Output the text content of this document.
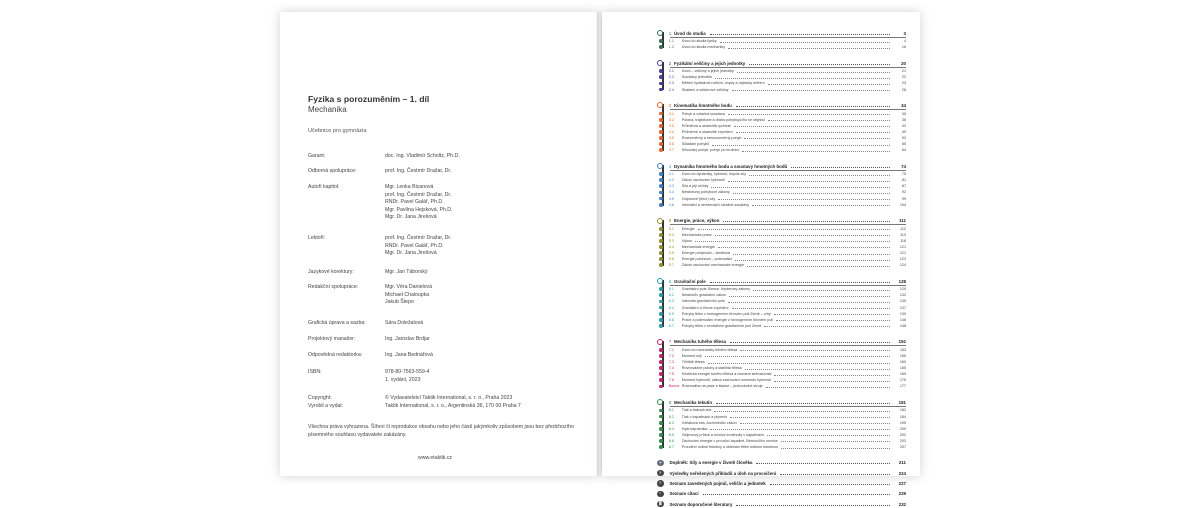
Fyzika s porozuměním – 1. díl
Mechanika
Učebnice pro gymnázia
Garant:	doc. Ing. Vladimír Scholtz, Ph.D.
Odborná spolupráce:	prof. Ing. Čestmír Dražar, Dr.
Autoři kapitol:	Mgr. Lenka Bicanová
prof. Ing. Čestmír Dražar, Dr.
RNDr. Pavel Galář, Ph.D.
Mgr. Pavlína Hejsková, Ph.D.
Mgr. Dr. Jana Jirešová
Lektoři:	prof. Ing. Čestmír Dražar, Dr.
RNDr. Pavel Galář, Ph.D.
Mgr. Dr. Jana Jirešová
Jazykové korektury:	Mgr. Jan Táborský
Redakční spolupráce:	Mgr. Věra Danielová
Michael Chaloupka
Jakub Štepo
Grafická úprava a sazba:	Sára Doležalová
Projektový manažer:	Ing. Jaroslav Brdjar
Odpovědná redaktorka:	Ing. Jana Bednářová
ISBN:	978-80-7563-559-4
1. vydání, 2023
Copyright:	© Vydavatelství Taktik International, s. r. o., Praha 2023
Vyrobil a vydal:	Taktik International, s. r. o., Argentinská 36, 170 00 Praha 7
Všechna práva vyhrazena. Šíření či reprodukce obsahu nebo jeho částí jakýmkoliv způsobem jsou bez předchozího písemného souhlasu vydavatele zakázány.
www.etaktik.cz
1 Úvod do studia	3
1.1	Úvod do studia fyziky	4
1.2	Úvod do studia mechaniky	16
2 Fyzikální veličiny a jejich jednotky	20
2.1	Úvod – veličiny a jejich jednotky	21
2.2	Soustavy jednotek	22
2.3	Měření fyzikálních veličin, chyby a nejistoty měření	23
2.4	Skalární a vektorové veličiny	28
3 Kinematika hmotného bodu	34
3.1	Pohyb a vztažná soustava	35
3.2	Poloha, trajektorie a dráha pohybujícího se objektu	36
3.3	Průměrná a okamžitá rychlost	42
3.4	Průměrné a okamžité zrychlení	49
3.5	Rovnoměrný a nerovnoměrný pohyb	53
3.6	Skládání pohybů	60
3.7	Křivočarý pohyb; pohyb po kružnici	64
4 Dynamika hmotného bodu a soustavy hmotných bodů	74
4.1	Úvod do dynamiky, hybnost, impuls síly	75
4.2	Zákon zachování hybnosti	81
4.3	Síla a její účinky	87
4.4	Newtonovy pohybové zákony	92
4.5	Odporové (třecí) síly	99
4.6	Inerciální a neinerciální vztažné soustavy	104
5 Energie, práce, výkon	111
5.1	Energie	112
5.2	Mechanická práce	113
5.3	Výkon	118
5.4	Mechanická energie	121
5.5	Energie pohybová – kinetická	121
5.6	Energie polohová – potenciální	122
5.7	Zákon zachování mechanické energie	124
6 Gravitační pole	128
6.1	Gravitační pole Slunce, Keplerovy zákony	129
6.2	Newtonův gravitační zákon	132
6.3	Intenzita gravitačního pole	135
6.4	Gravitační a tíhové zrychlení	137
6.5	Pohyby těles v homogenním tíhovém poli Země – vrhy	139
6.6	Práce a potenciální energie v homogenním tíhovém poli	146
6.7	Pohyby těles v centrálním gravitačním poli Země	148
7 Mechanika tuhého tělesa	152
7.1	Úvod do mechaniky tuhého tělesa	153
7.2	Moment síly	155
7.3	Těžiště tělesa	160
7.4	Rovnovážné polohy a stabilita tělesa	165
7.5	Kinetická energie tuhého tělesa a moment setrvačnosti	169
7.6	Moment hybnosti, zákon zachování momentu hybnosti	175
Bonus Rovnováha na páce a kladce – jednoduché stroje	177
8 Mechanika tekutin	181
8.1	Tlak a tlaková síla	182
8.2	Tlak v kapalinách a plynech	184
8.3	Vztlaková síla, Archimédův zákon	195
8.4	Hydrodynamika	200
8.5	Objemový průtok a rovnice kontinuity v kapalinách	202
8.6	Zachování energie v proudící kapalině, Bernoulliho rovnice	203
8.7	Proudění reálné tekutiny a obtékání těles reálnou tekutinou	207
+	Doplněk: Síly a energie v životě člověka	211
?	Výsledky neřešených příkladů a úloh na procvičení	224
≡	Seznam zavedených pojmů, veličin a jednotek	227
”	Seznam citací	229
≣	Seznam doporučené literatury	232
